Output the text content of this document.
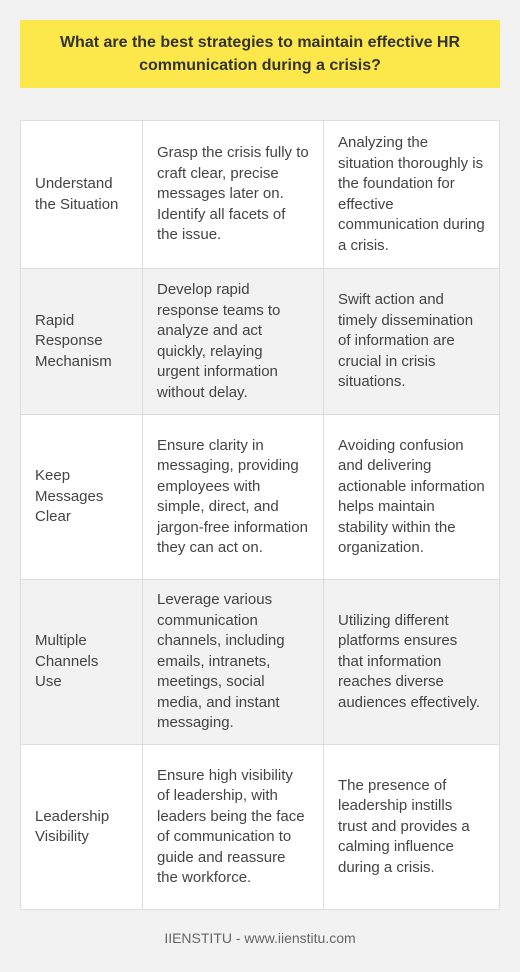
What are the best strategies to maintain effective HR communication during a crisis?
Understand the Situation
Grasp the crisis fully to craft clear, precise messages later on. Identify all facets of the issue.
Analyzing the situation thoroughly is the foundation for effective communication during a crisis.
Rapid Response Mechanism
Develop rapid response teams to analyze and act quickly, relaying urgent information without delay.
Swift action and timely dissemination of information are crucial in crisis situations.
Keep Messages Clear
Ensure clarity in messaging, providing employees with simple, direct, and jargon-free information they can act on.
Avoiding confusion and delivering actionable information helps maintain stability within the organization.
Multiple Channels Use
Leverage various communication channels, including emails, intranets, meetings, social media, and instant messaging.
Utilizing different platforms ensures that information reaches diverse audiences effectively.
Leadership Visibility
Ensure high visibility of leadership, with leaders being the face of communication to guide and reassure the workforce.
The presence of leadership instills trust and provides a calming influence during a crisis.
IIENSTITU - www.iienstitu.com
